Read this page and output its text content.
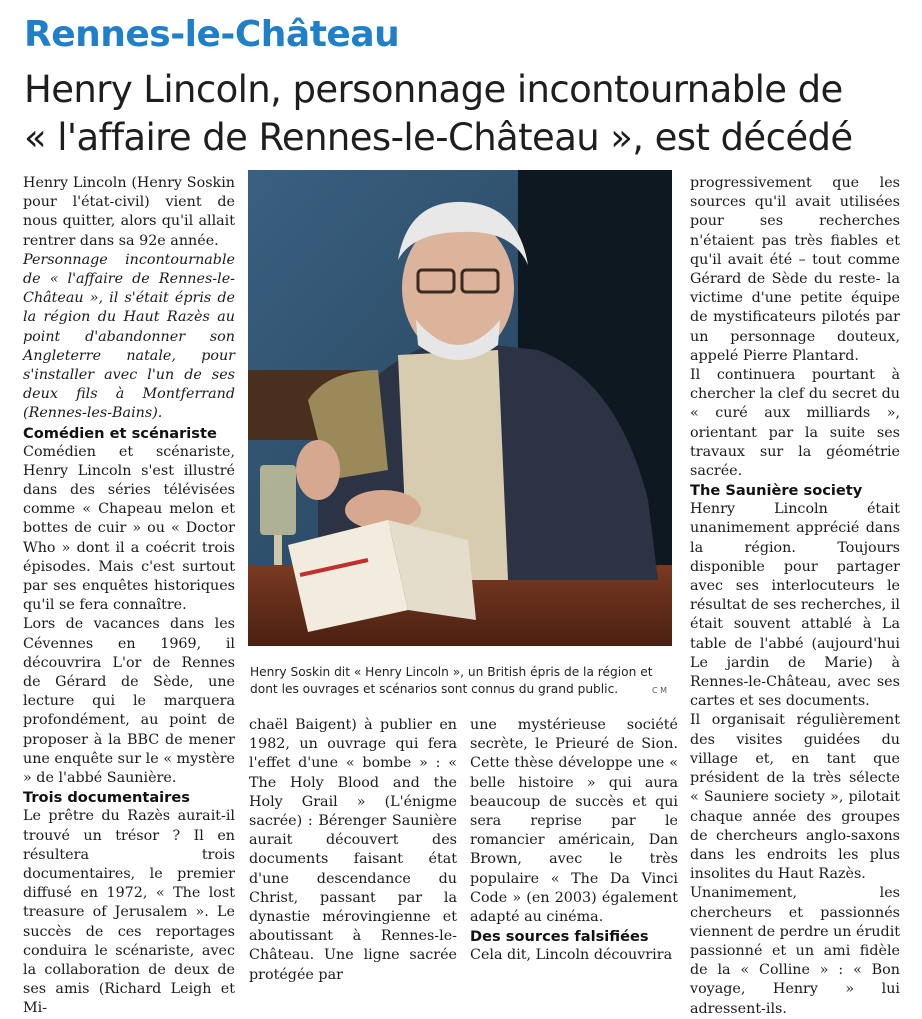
Rennes-le-Château
Henry Lincoln, personnage incontournable de
« l'affaire de Rennes-le-Château », est décédé

Henry Lincoln (Henry Soskin pour l'état-civil) vient de nous quitter, alors qu'il allait rentrer dans sa 92e année.

Personnage incontournable de « l'affaire de Rennes-le-Château », il s'était épris de la région du Haut Razès au point d'abandonner son Angleterre natale, pour s'installer avec l'un de ses deux fils à Montferrand (Rennes-les-Bains).

Comédien et scénariste

Comédien et scénariste, Henry Lincoln s'est illustré dans des séries télévisées comme « Chapeau melon et bottes de cuir » ou « Doctor Who » dont il a coécrit trois épisodes. Mais c'est surtout par ses enquêtes historiques qu'il se fera connaître.

Lors de vacances dans les Cévennes en 1969, il découvrira L'or de Rennes de Gérard de Sède, une lecture qui le marquera profondément, au point de proposer à la BBC de mener une enquête sur le « mystère » de l'abbé Saunière.

Trois documentaires

Le prêtre du Razès aurait-il trouvé un trésor ? Il en résultera trois documentaires, le premier diffusé en 1972, « The lost treasure of Jerusalem ». Le succès de ces reportages conduira le scénariste, avec la collaboration de deux de ses amis (Richard Leigh et Mi-

Henry Soskin dit « Henry Lincoln », un British épris de la région et dont les ouvrages et scénarios sont connus du grand public.	C M

chaël Baigent) à publier en 1982, un ouvrage qui fera l'effet d'une « bombe » : « The Holy Blood and the Holy Grail » (L'énigme sacrée) : Bérenger Saunière aurait découvert des documents faisant état d'une descendance du Christ, passant par la dynastie mérovingienne et aboutissant à Rennes-le-Château. Une ligne sacrée protégée par

une mystérieuse société secrète, le Prieuré de Sion. Cette thèse développe une « belle histoire » qui aura beaucoup de succès et qui sera reprise par le romancier américain, Dan Brown, avec le très populaire « The Da Vinci Code » (en 2003) également adapté au cinéma.

Des sources falsifiées

Cela dit, Lincoln découvrira

progressivement que les sources qu'il avait utilisées pour ses recherches n'étaient pas très fiables et qu'il avait été – tout comme Gérard de Sède du reste- la victime d'une petite équipe de mystificateurs pilotés par un personnage douteux, appelé Pierre Plantard.

Il continuera pourtant à chercher la clef du secret du « curé aux milliards », orientant par la suite ses travaux sur la géométrie sacrée.

The Saunière society

Henry Lincoln était unanimement apprécié dans la région. Toujours disponible pour partager avec ses interlocuteurs le résultat de ses recherches, il était souvent attablé à La table de l'abbé (aujourd'hui Le jardin de Marie) à Rennes-le-Château, avec ses cartes et ses documents.

Il organisait régulièrement des visites guidées du village et, en tant que président de la très sélecte « Sauniere society », pilotait chaque année des groupes de chercheurs anglo-saxons dans les endroits les plus insolites du Haut Razès.

Unanimement, les chercheurs et passionnés viennent de perdre un érudit passionné et un ami fidèle de la « Colline » : « Bon voyage, Henry » lui adressent-ils.
